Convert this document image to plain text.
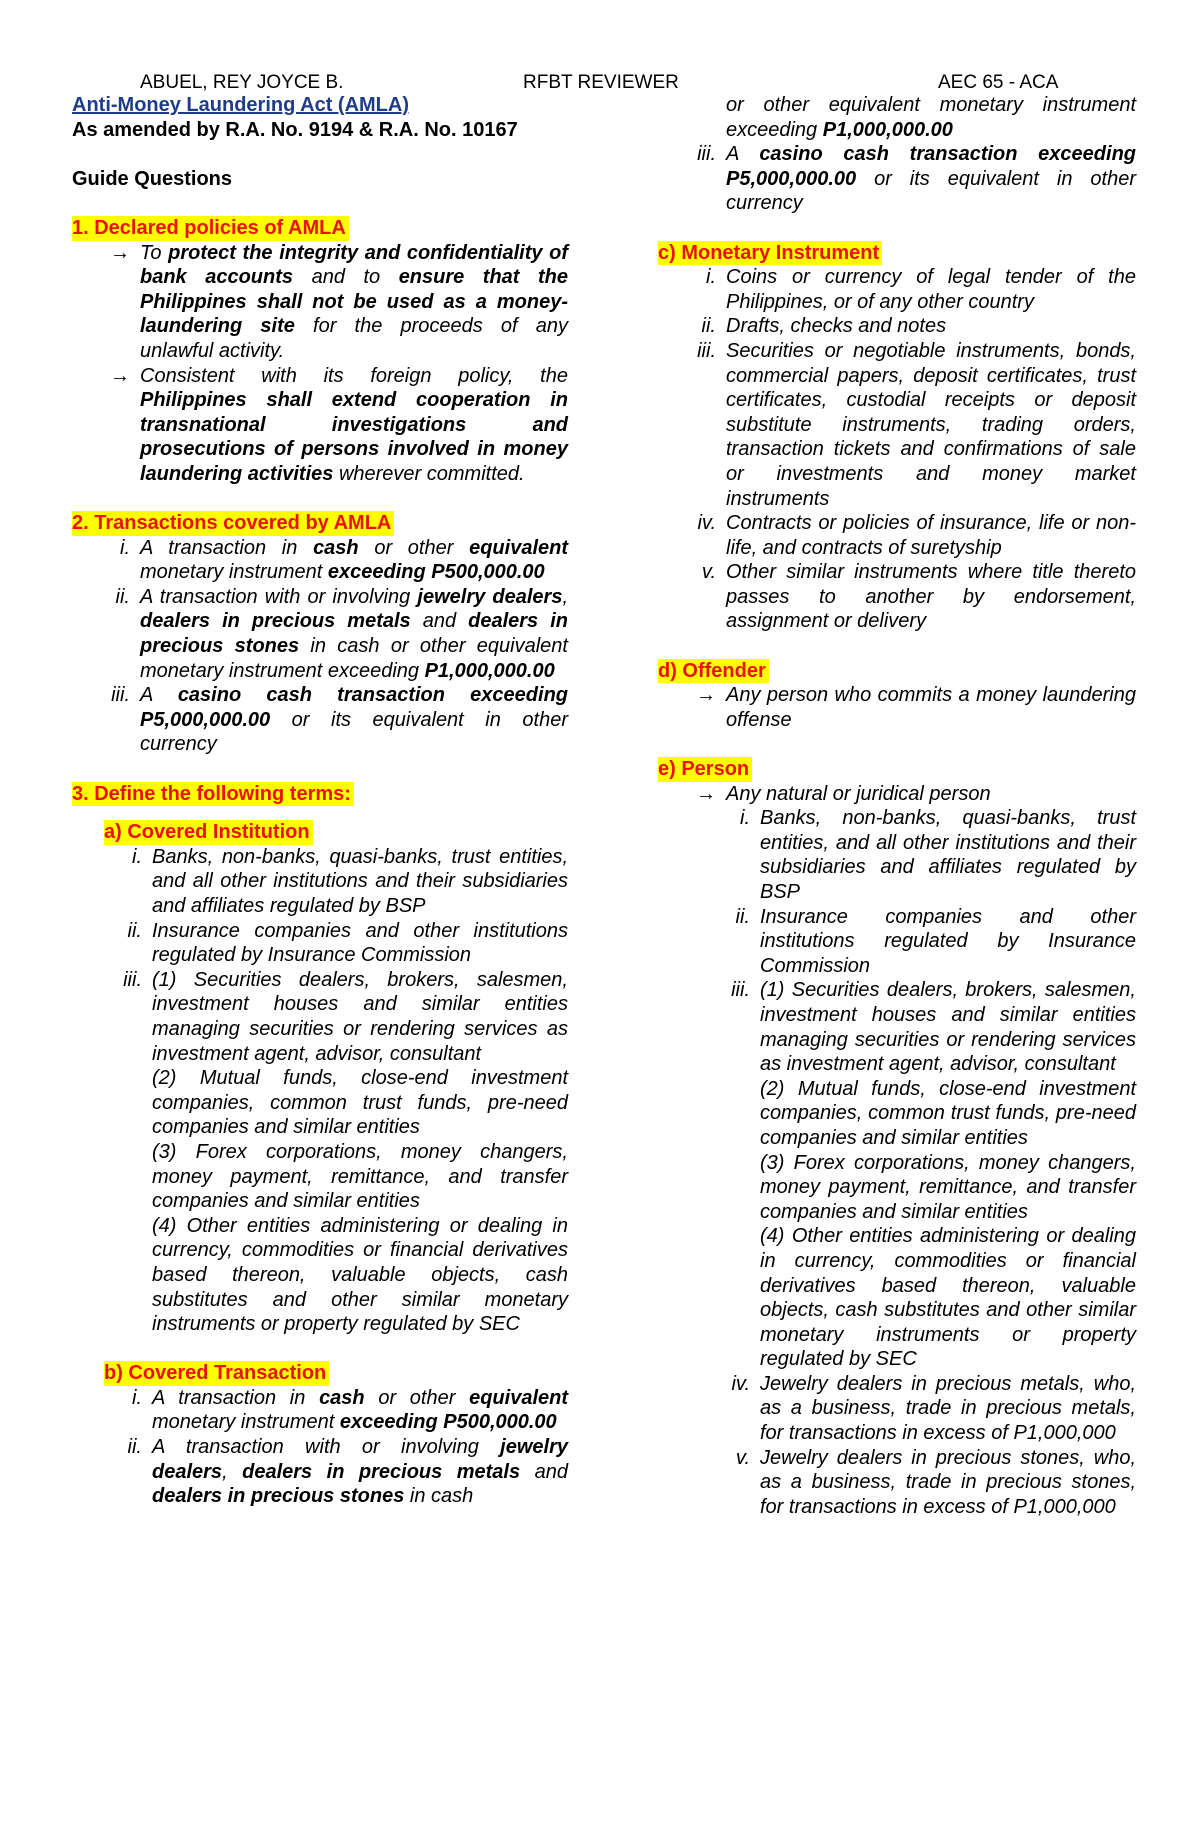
ABUEL, REY JOYCE B.	RFBT REVIEWER	AEC 65 - ACA

Anti-Money Laundering Act (AMLA)

As amended by R.A. No. 9194 & R.A. No. 10167

Guide Questions

1. Declared policies of AMLA

→ To protect the integrity and confidentiality of bank accounts and to ensure that the Philippines shall not be used as a money-laundering site for the proceeds of any unlawful activity.
→ Consistent with its foreign policy, the Philippines shall extend cooperation in transnational investigations and prosecutions of persons involved in money laundering activities wherever committed.

2. Transactions covered by AMLA

i. A transaction in cash or other equivalent monetary instrument exceeding P500,000.00
ii. A transaction with or involving jewelry dealers, dealers in precious metals and dealers in precious stones in cash or other equivalent monetary instrument exceeding P1,000,000.00
iii. A casino cash transaction exceeding P5,000,000.00 or its equivalent in other currency

3. Define the following terms:

a) Covered Institution

i. Banks, non-banks, quasi-banks, trust entities, and all other institutions and their subsidiaries and affiliates regulated by BSP
ii. Insurance companies and other institutions regulated by Insurance Commission
iii. (1) Securities dealers, brokers, salesmen, investment houses and similar entities managing securities or rendering services as investment agent, advisor, consultant
(2) Mutual funds, close-end investment companies, common trust funds, pre-need companies and similar entities
(3) Forex corporations, money changers, money payment, remittance, and transfer companies and similar entities
(4) Other entities administering or dealing in currency, commodities or financial derivatives based thereon, valuable objects, cash substitutes and other similar monetary instruments or property regulated by SEC

b) Covered Transaction

i. A transaction in cash or other equivalent monetary instrument exceeding P500,000.00
ii. A transaction with or involving jewelry dealers, dealers in precious metals and dealers in precious stones in cash
or other equivalent monetary instrument exceeding P1,000,000.00
iii. A casino cash transaction exceeding P5,000,000.00 or its equivalent in other currency

c) Monetary Instrument

i. Coins or currency of legal tender of the Philippines, or of any other country
ii. Drafts, checks and notes
iii. Securities or negotiable instruments, bonds, commercial papers, deposit certificates, trust certificates, custodial receipts or deposit substitute instruments, trading orders, transaction tickets and confirmations of sale or investments and money market instruments
iv. Contracts or policies of insurance, life or non-life, and contracts of suretyship
v. Other similar instruments where title thereto passes to another by endorsement, assignment or delivery

d) Offender

→ Any person who commits a money laundering offense

e) Person

→ Any natural or juridical person
i. Banks, non-banks, quasi-banks, trust entities, and all other institutions and their subsidiaries and affiliates regulated by BSP
ii. Insurance companies and other institutions regulated by Insurance Commission
iii. (1) Securities dealers, brokers, salesmen, investment houses and similar entities managing securities or rendering services as investment agent, advisor, consultant
(2) Mutual funds, close-end investment companies, common trust funds, pre-need companies and similar entities
(3) Forex corporations, money changers, money payment, remittance, and transfer companies and similar entities
(4) Other entities administering or dealing in currency, commodities or financial derivatives based thereon, valuable objects, cash substitutes and other similar monetary instruments or property regulated by SEC
iv. Jewelry dealers in precious metals, who, as a business, trade in precious metals, for transactions in excess of P1,000,000
v. Jewelry dealers in precious stones, who, as a business, trade in precious stones, for transactions in excess of P1,000,000
